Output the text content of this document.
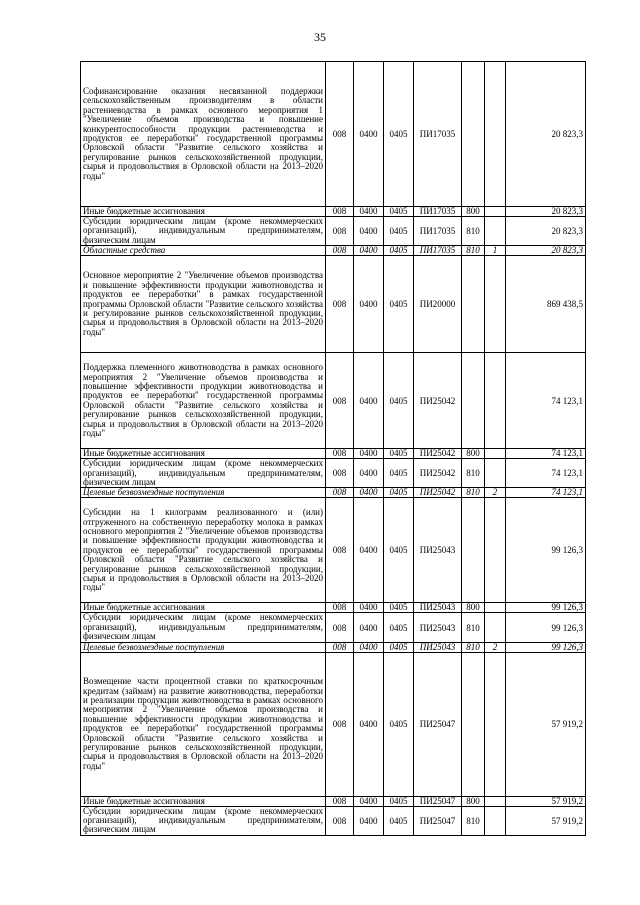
35
Софинансирование оказания несвязанной поддержки сельскохозяйственным производителям в области растениеводства в рамках основного мероприятия 1 "Увеличение объемов производства и повышение конкурентоспособности продукции растениеводства и продуктов ее переработки" государственной программы Орловской области "Развитие сельского хозяйства и регулирование рынков сельскохозяйственной продукции, сырья и продовольствия в Орловской области на 2013–2020 годы"	008	0400	0405	ПИ17035			20 823,3
Иные бюджетные ассигнования	008	0400	0405	ПИ17035	800		20 823,3
Субсидии юридическим лицам (кроме некоммерческих организаций), индивидуальным предпринимателям, физическим лицам	008	0400	0405	ПИ17035	810		20 823,3
Областные средства	008	0400	0405	ПИ17035	810	1	20 823,3
Основное мероприятие 2 "Увеличение объемов производства и повышение эффективности продукции животноводства и продуктов ее переработки" в рамках государственной программы Орловской области "Развитие сельского хозяйства и регулирование рынков сельскохозяйственной продукции, сырья и продовольствия в Орловской области на 2013–2020 годы"	008	0400	0405	ПИ20000			869 438,5
Поддержка племенного животноводства в рамках основного мероприятия 2 "Увеличение объемов производства и повышение эффективности продукции животноводства и продуктов ее переработки" государственной программы Орловской области "Развитие сельского хозяйства и регулирование рынков сельскохозяйственной продукции, сырья и продовольствия в Орловской области на 2013–2020 годы"	008	0400	0405	ПИ25042			74 123,1
Иные бюджетные ассигнования	008	0400	0405	ПИ25042	800		74 123,1
Субсидии юридическим лицам (кроме некоммерческих организаций), индивидуальным предпринимателям, физическим лицам	008	0400	0405	ПИ25042	810		74 123,1
Целевые безвозмездные поступления	008	0400	0405	ПИ25042	810	2	74 123,1
Субсидии на 1 килограмм реализованного и (или) отгруженного на собственную переработку молока в рамках основного мероприятия 2 "Увеличение объемов производства и повышение эффективности продукции животноводства и продуктов ее переработки" государственной программы Орловской области "Развитие сельского хозяйства и регулирование рынков сельскохозяйственной продукции, сырья и продовольствия в Орловской области на 2013–2020 годы"	008	0400	0405	ПИ25043			99 126,3
Иные бюджетные ассигнования	008	0400	0405	ПИ25043	800		99 126,3
Субсидии юридическим лицам (кроме некоммерческих организаций), индивидуальным предпринимателям, физическим лицам	008	0400	0405	ПИ25043	810		99 126,3
Целевые безвозмездные поступления	008	0400	0405	ПИ25043	810	2	99 126,3
Возмещение части процентной ставки по краткосрочным кредитам (займам) на развитие животноводства, переработки и реализации продукции животноводства в рамках основного мероприятия 2 "Увеличение объемов производства и повышение эффективности продукции животноводства и продуктов ее переработки" государственной программы Орловской области "Развитие сельского хозяйства и регулирование рынков сельскохозяйственной продукции, сырья и продовольствия в Орловской области на 2013–2020 годы"	008	0400	0405	ПИ25047			57 919,2
Иные бюджетные ассигнования	008	0400	0405	ПИ25047	800		57 919,2
Субсидии юридическим лицам (кроме некоммерческих организаций), индивидуальным предпринимателям, физическим лицам	008	0400	0405	ПИ25047	810		57 919,2
